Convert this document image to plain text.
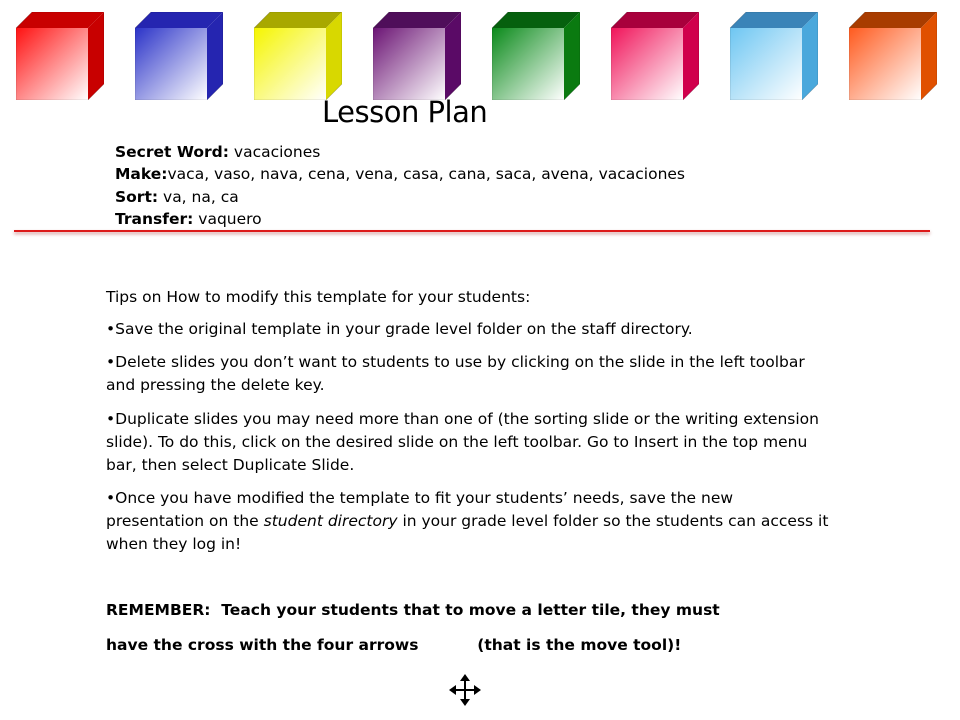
Lesson Plan
Secret Word: vacaciones
Make:vaca, vaso, nava, cena, vena, casa, cana, saca, avena, vacaciones
Sort: va, na, ca
Transfer: vaquero
Tips on How to modify this template for your students:
•Save the original template in your grade level folder on the staff directory.
•Delete slides you don’t want to students to use by clicking on the slide in the left toolbar and pressing the delete key.
•Duplicate slides you may need more than one of (the sorting slide or the writing extension slide). To do this, click on the desired slide on the left toolbar. Go to Insert in the top menu bar, then select Duplicate Slide.
•Once you have modified the template to fit your students’ needs, save the new presentation on the student directory in your grade level folder so the students can access it when they log in!
REMEMBER: Teach your students that to move a letter tile, they must
have the cross with the four arrows	(that is the move tool)!
